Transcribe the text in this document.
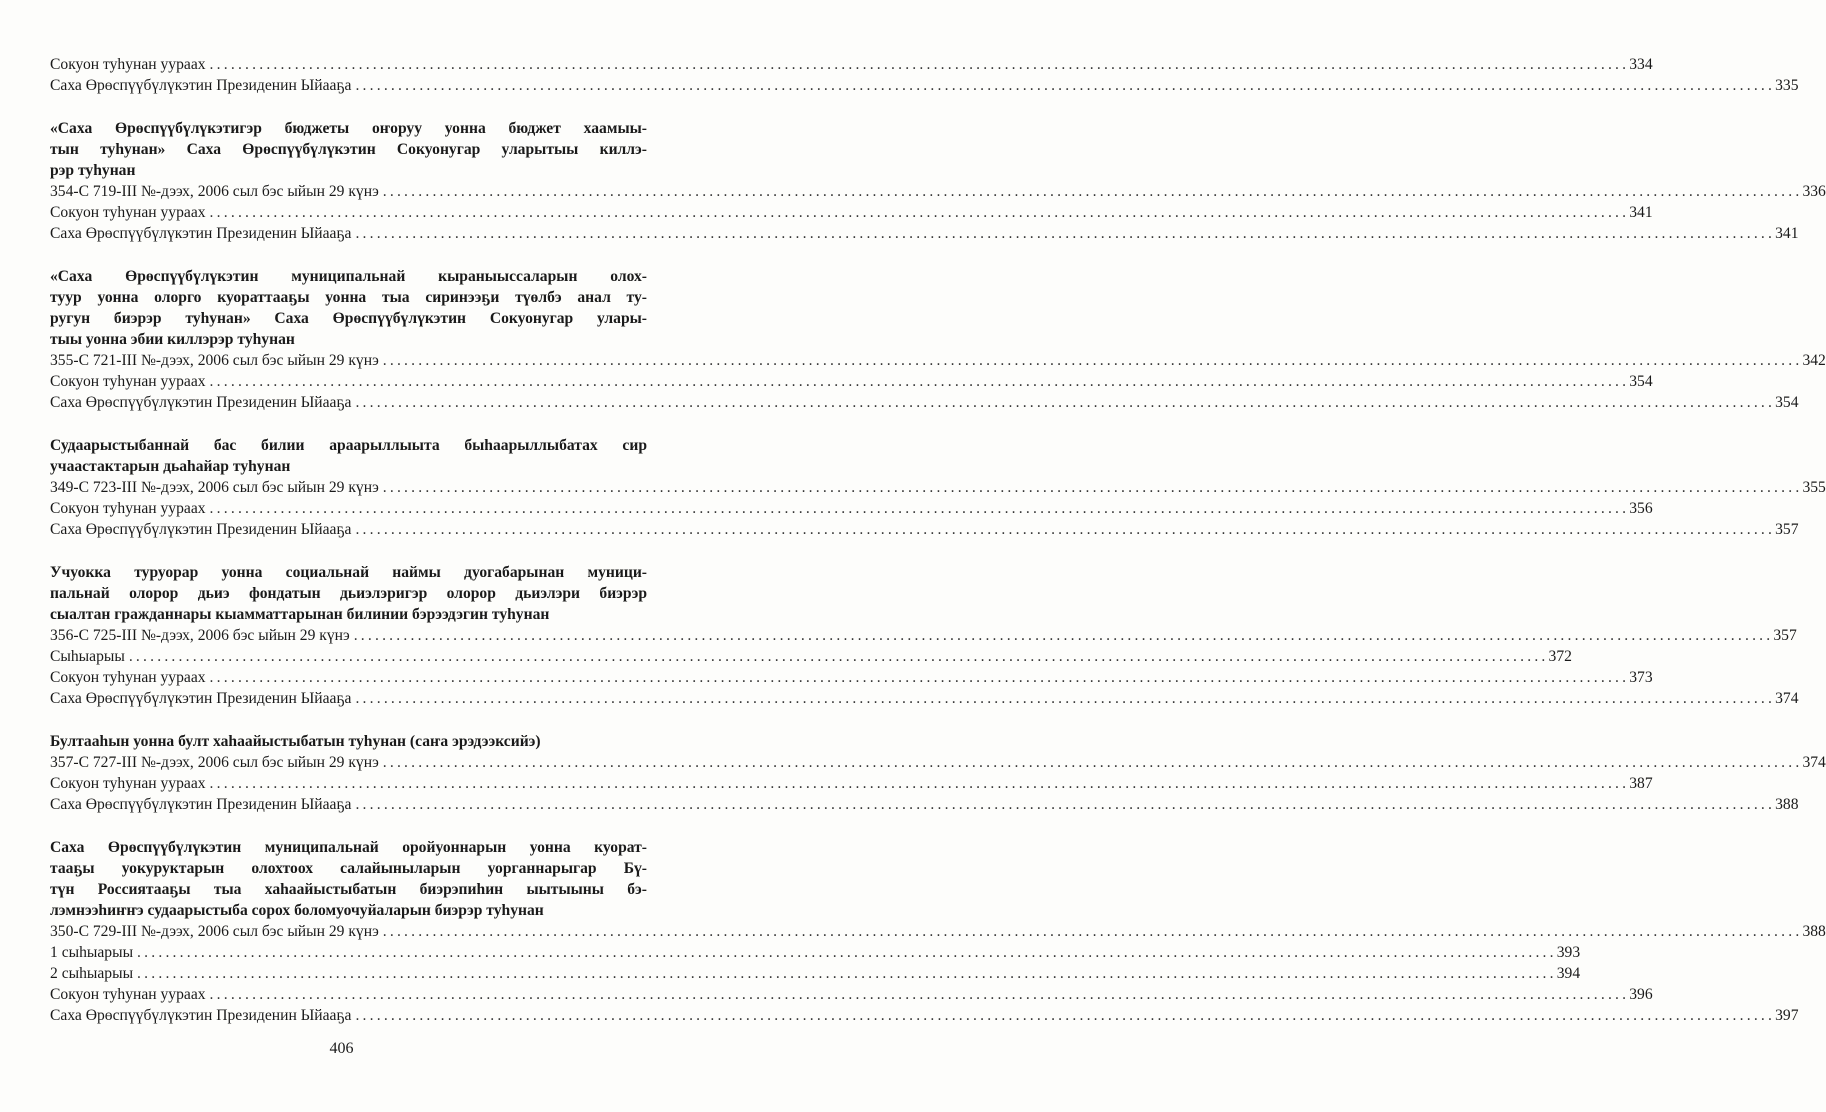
Сокуон туһунан уураах ........................................................................................................................................................................................................ 334
Саха Өрөспүүбүлүкэтин Президенин Ыйааҕа ........................................................................................................................................................................................................ 335
«Саха Өрөспүүбүлүкэтигэр бюджеты оҥоруу уонна бюджет хаамыы-
тын туһунан» Саха Өрөспүүбүлүкэтин Сокуонугар уларытыы киллэ-
рэр туһунан
354-С 719-III №-дээх, 2006 сыл бэс ыйын 29 күнэ ........................................................................................................................................................................................................ 336
Сокуон туһунан уураах ........................................................................................................................................................................................................ 341
Саха Өрөспүүбүлүкэтин Президенин Ыйааҕа ........................................................................................................................................................................................................ 341
«Саха Өрөспүүбүлүкэтин муниципальнай кыраныыссаларын олох-
туур уонна олорго куораттааҕы уонна тыа сиринээҕи түөлбэ анал ту-
ругун биэрэр туһунан» Саха Өрөспүүбүлүкэтин Сокуонугар улары-
тыы уонна эбии киллэрэр туһунан
355-С 721-III №-дээх, 2006 сыл бэс ыйын 29 күнэ ........................................................................................................................................................................................................ 342
Сокуон туһунан уураах ........................................................................................................................................................................................................ 354
Саха Өрөспүүбүлүкэтин Президенин Ыйааҕа ........................................................................................................................................................................................................ 354
Судаарыстыбаннай бас билии араарыллыыта быһаарыллыбатах сир
учаастактарын дьаһайар туһунан
349-С 723-III №-дээх, 2006 сыл бэс ыйын 29 күнэ ........................................................................................................................................................................................................ 355
Сокуон туһунан уураах ........................................................................................................................................................................................................ 356
Саха Өрөспүүбүлүкэтин Президенин Ыйааҕа ........................................................................................................................................................................................................ 357
Учуокка туруорар уонна социальнай наймы дуогабарынан муници-
пальнай олорор дьиэ фондатын дьиэлэригэр олорор дьиэлэри биэрэр
сыалтан гражданнары кыамматтарынан билинии бэрээдэгин туһунан
356-С 725-III №-дээх, 2006 бэс ыйын 29 күнэ ........................................................................................................................................................................................................ 357
Сыһыарыы ........................................................................................................................................................................................................ 372
Сокуон туһунан уураах ........................................................................................................................................................................................................ 373
Саха Өрөспүүбүлүкэтин Президенин Ыйааҕа ........................................................................................................................................................................................................ 374
Бултааһын уонна булт хаһаайыстыбатын туһунан (саҥа эрэдээксийэ)
357-С 727-III №-дээх, 2006 сыл бэс ыйын 29 күнэ ........................................................................................................................................................................................................ 374
Сокуон туһунан уураах ........................................................................................................................................................................................................ 387
Саха Өрөспүүбүлүкэтин Президенин Ыйааҕа ........................................................................................................................................................................................................ 388
Саха Өрөспүүбүлүкэтин муниципальнай оройуоннарын уонна куорат-
тааҕы уокуруктарын олохтоох салайыныларын уорганнарыгар Бү-
түн Россиятааҕы тыа хаһаайыстыбатын биэрэпиһин ыытыыны бэ-
лэмнээһиҥҥэ судаарыстыба сорох боломуочуйаларын биэрэр туһунан
350-С 729-III №-дээх, 2006 сыл бэс ыйын 29 күнэ ........................................................................................................................................................................................................ 388
1 сыһыарыы ........................................................................................................................................................................................................ 393
2 сыһыарыы ........................................................................................................................................................................................................ 394
Сокуон туһунан уураах ........................................................................................................................................................................................................ 396
Саха Өрөспүүбүлүкэтин Президенин Ыйааҕа ........................................................................................................................................................................................................ 397
406
